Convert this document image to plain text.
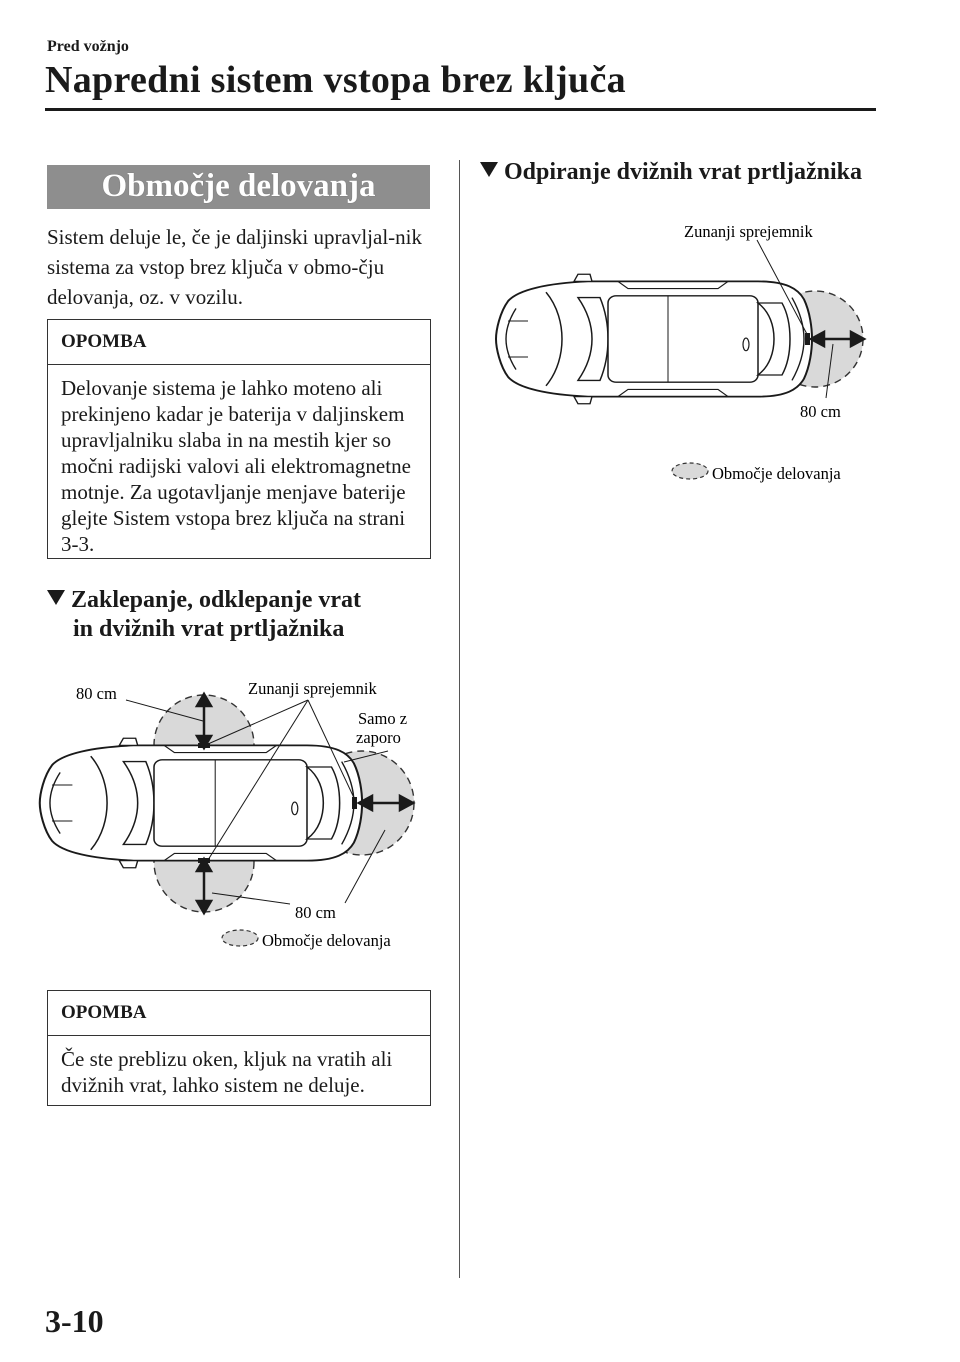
Pred vožnjo
Napredni sistem vstopa brez ključa
Območje delovanja
Sistem deluje le, če je daljinski upravljal-nik sistema za vstop brez ključa v obmo-čju delovanja, oz. v vozilu.
OPOMBA
Delovanje sistema je lahko moteno ali prekinjeno kadar je baterija v daljinskem upravljalniku slaba in na mestih kjer so močni radijski valovi ali elektromagnetne motnje. Za ugotavljanje menjave baterije glejte Sistem vstopa brez ključa na strani 3-3.
Zaklepanje, odklepanje vrat
in dvižnih vrat prtljažnika
OPOMBA
Če ste preblizu oken, kljuk na vratih ali dvižnih vrat, lahko sistem ne deluje.
Odpiranje dvižnih vrat prtljažnika
80 cm	Zunanji sprejemnik
Samo z
zaporo
80 cm
Območje delovanja
Zunanji sprejemnik
80 cm
Območje delovanja
3-10
